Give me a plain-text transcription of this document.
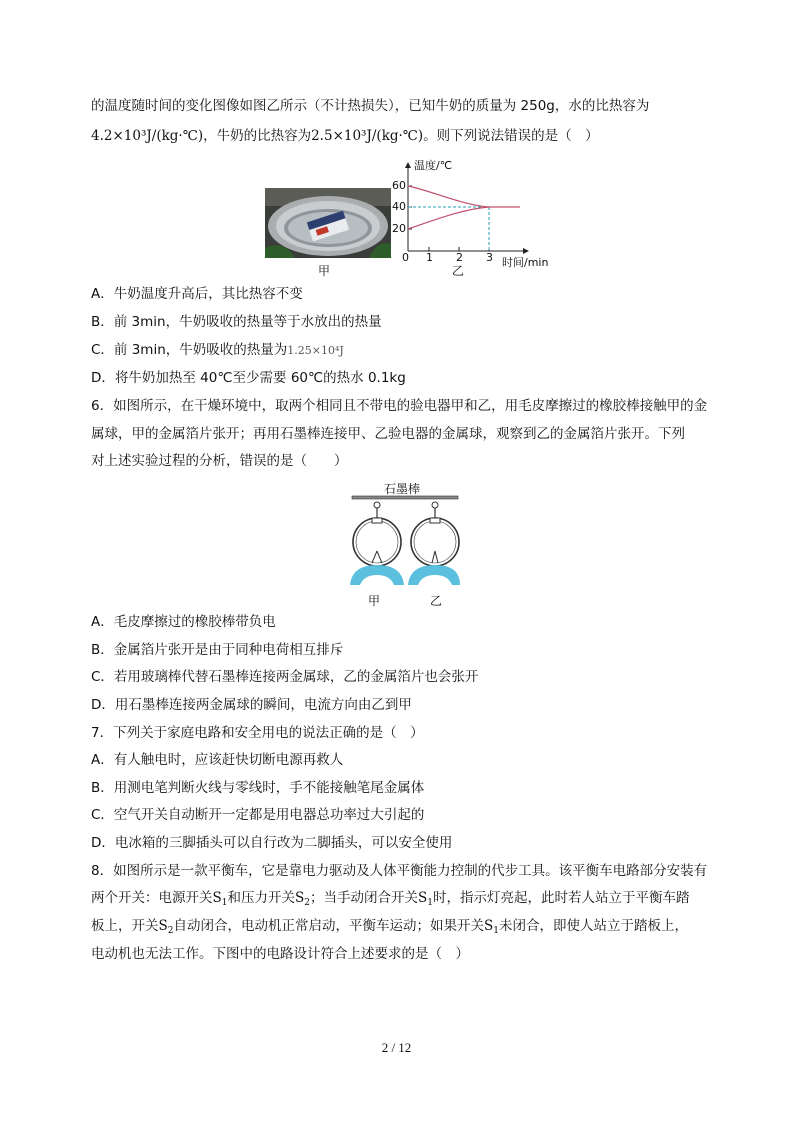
的温度随时间的变化图像如图乙所示（不计热损失），已知牛奶的质量为 250g，水的比热容为
4.2×10³J/(kg·℃)，牛奶的比热容为2.5×10³J/(kg·℃)。则下列说法错误的是（　）
甲
温度/℃
60
40
20
0 1 2 3 时间/min
乙
A．牛奶温度升高后，其比热容不变
B．前 3min，牛奶吸收的热量等于水放出的热量
C．前 3min，牛奶吸收的热量为1.25×10⁴J
D．将牛奶加热至 40℃至少需要 60℃的热水 0.1kg
6．如图所示，在干燥环境中，取两个相同且不带电的验电器甲和乙，用毛皮摩擦过的橡胶棒接触甲的金
属球，甲的金属箔片张开；再用石墨棒连接甲、乙验电器的金属球，观察到乙的金属箔片张开。下列
对上述实验过程的分析，错误的是（　　）
石墨棒
甲	乙
A．毛皮摩擦过的橡胶棒带负电
B．金属箔片张开是由于同种电荷相互排斥
C．若用玻璃棒代替石墨棒连接两金属球，乙的金属箔片也会张开
D．用石墨棒连接两金属球的瞬间，电流方向由乙到甲
7．下列关于家庭电路和安全用电的说法正确的是（　）
A．有人触电时，应该赶快切断电源再救人
B．用测电笔判断火线与零线时，手不能接触笔尾金属体
C．空气开关自动断开一定都是用电器总功率过大引起的
D．电冰箱的三脚插头可以自行改为二脚插头，可以安全使用
8．如图所示是一款平衡车，它是靠电力驱动及人体平衡能力控制的代步工具。该平衡车电路部分安装有
两个开关：电源开关$S_1$和压力开关$S_2$；当手动闭合开关$S_1$时，指示灯亮起，此时若人站立于平衡车踏
板上，开关$S_2$自动闭合，电动机正常启动，平衡车运动；如果开关$S_1$未闭合，即使人站立于踏板上，
电动机也无法工作。下图中的电路设计符合上述要求的是（　）
2 / 12
